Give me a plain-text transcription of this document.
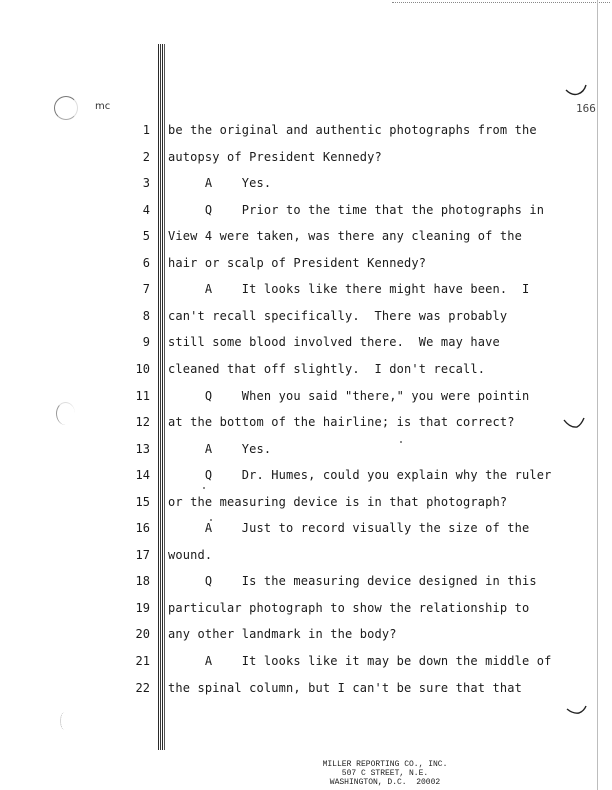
mc	166
1 be the original and authentic photographs from the
2 autopsy of President Kennedy?
3 A    Yes.
4 Q    Prior to the time that the photographs in
5 View 4 were taken, was there any cleaning of the
6 hair or scalp of President Kennedy?
7 A    It looks like there might have been.  I
8 can't recall specifically.  There was probably
9 still some blood involved there.  We may have
10 cleaned that off slightly.  I don't recall.
11 Q    When you said "there," you were pointin
12 at the bottom of the hairline; is that correct?
13 A    Yes.
14 Q    Dr. Humes, could you explain why the ruler
15 or the measuring device is in that photograph?
16 A    Just to record visually the size of the
17 wound.
18 Q    Is the measuring device designed in this
19 particular photograph to show the relationship to
20 any other landmark in the body?
21 A    It looks like it may be down the middle of
22 the spinal column, but I can't be sure that that
MILLER REPORTING CO., INC.
507 C STREET, N.E.
WASHINGTON, D.C.  20002
